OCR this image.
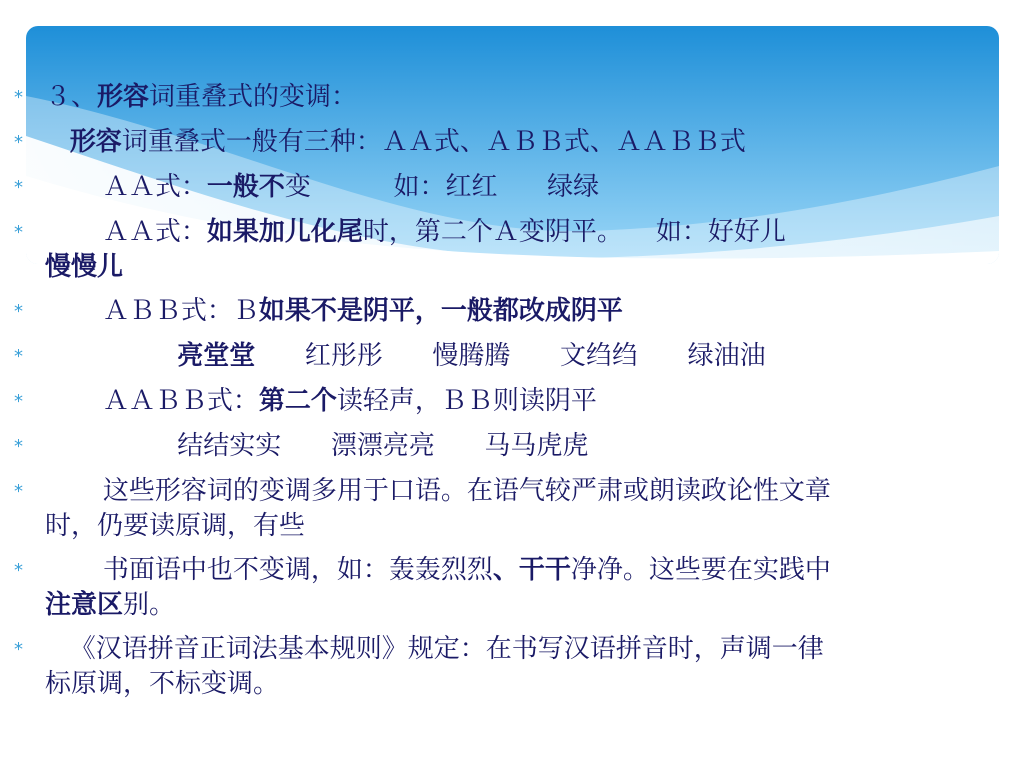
* ３、形容词重叠式的变调：
*	形容词重叠式一般有三种：ＡＡ式、ＡＢＢ式、ＡＡＢＢ式
* ＡＡ式：一般不变          如：红红      绿绿
* ＡＡ式：如果加儿化尾时，第二个Ａ变阴平。    如：好好儿
慢慢儿
* ＡＢＢ式：Ｂ如果不是阴平，一般都改成阴平
*	亮堂堂      红彤彤      慢腾腾      文绉绉      绿油油
* ＡＡＢＢ式：第二个读轻声，ＢＢ则读阴平
* 结结实实      漂漂亮亮      马马虎虎
* 这些形容词的变调多用于口语。在语气较严肃或朗读政论性文章
时，仍要读原调，有些
* 书面语中也不变调，如：轰轰烈烈、干干净净。这些要在实践中
注意区别。
* 《汉语拼音正词法基本规则》规定：在书写汉语拼音时，声调一律
标原调，不标变调。
